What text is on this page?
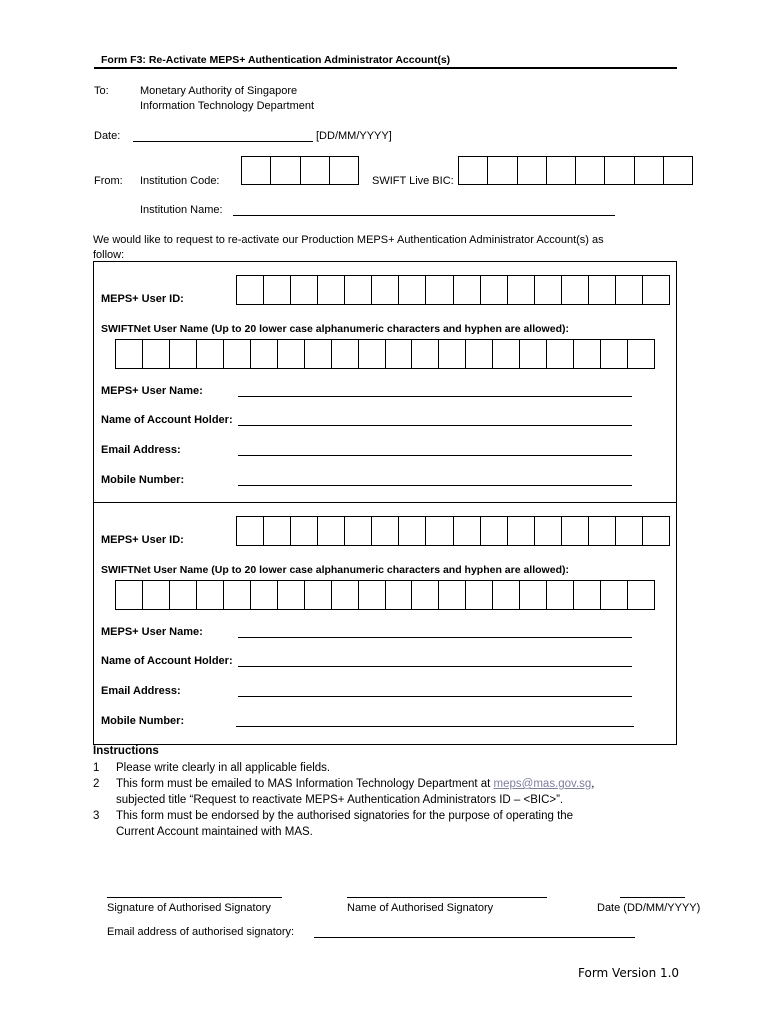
Form F3: Re-Activate MEPS+ Authentication Administrator Account(s)
To:	Monetary Authority of Singapore
Information Technology Department
Date:	[DD/MM/YYYY]
From: Institution Code:	SWIFT Live BIC:
Institution Name:
We would like to request to re-activate our Production MEPS+ Authentication Administrator Account(s) as
follow:
MEPS+ User ID:
SWIFTNet User Name (Up to 20 lower case alphanumeric characters and hyphen are allowed):
MEPS+ User Name:
Name of Account Holder:
Email Address:
Mobile Number:
MEPS+ User ID:
SWIFTNet User Name (Up to 20 lower case alphanumeric characters and hyphen are allowed):
MEPS+ User Name:
Name of Account Holder:
Email Address:
Mobile Number:
Instructions
1 Please write clearly in all applicable fields.
2 This form must be emailed to MAS Information Technology Department at meps@mas.gov.sg,
subjected title “Request to reactivate MEPS+ Authentication Administrators ID – <BIC>”.
3 This form must be endorsed by the authorised signatories for the purpose of operating the
Current Account maintained with MAS.
Signature of Authorised Signatory	Name of Authorised Signatory	Date (DD/MM/YYYY)
Email address of authorised signatory:
Form Version 1.0
